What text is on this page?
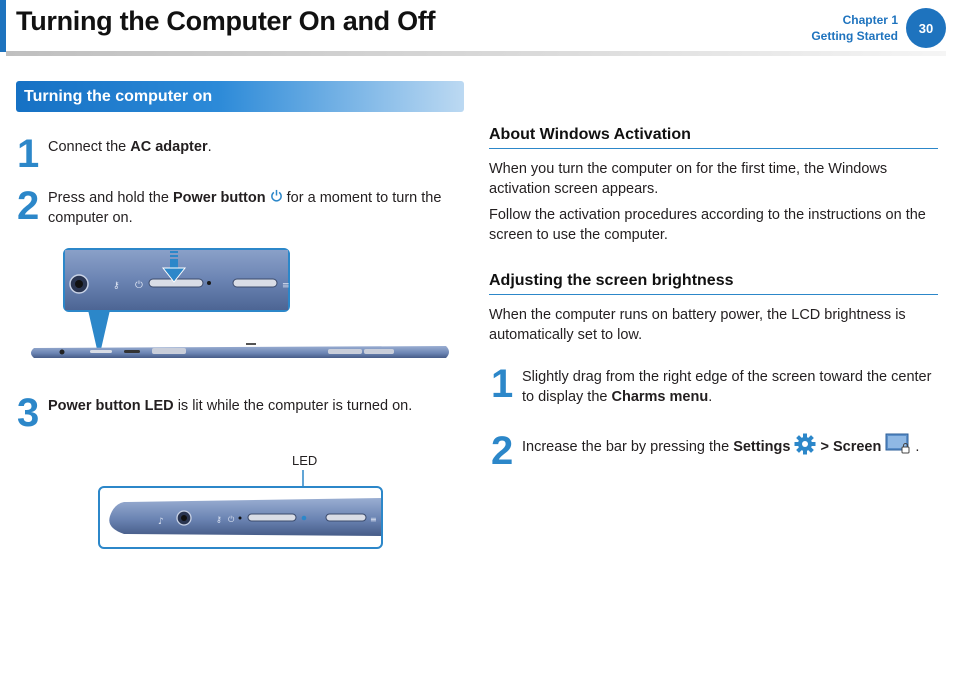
Turning the Computer On and Off	Chapter 1
Getting Started
30
Turning the computer on
1 Connect the AC adapter.
2 Press and hold the Power button  for a moment to turn the computer on.
⚷ ⏻	≡
3 Power button LED is lit while the computer is turned on.
LED
♪	⚷ ⏻	≡
About Windows Activation
When you turn the computer on for the first time, the Windows activation screen appears.
Follow the activation procedures according to the instructions on the screen to use the computer.
Adjusting the screen brightness
When the computer runs on battery power, the LCD brightness is automatically set to low.
1 Slightly drag from the right edge of the screen toward the center to display the Charms menu.
2 Increase the bar by pressing the Settings  > Screen  .
